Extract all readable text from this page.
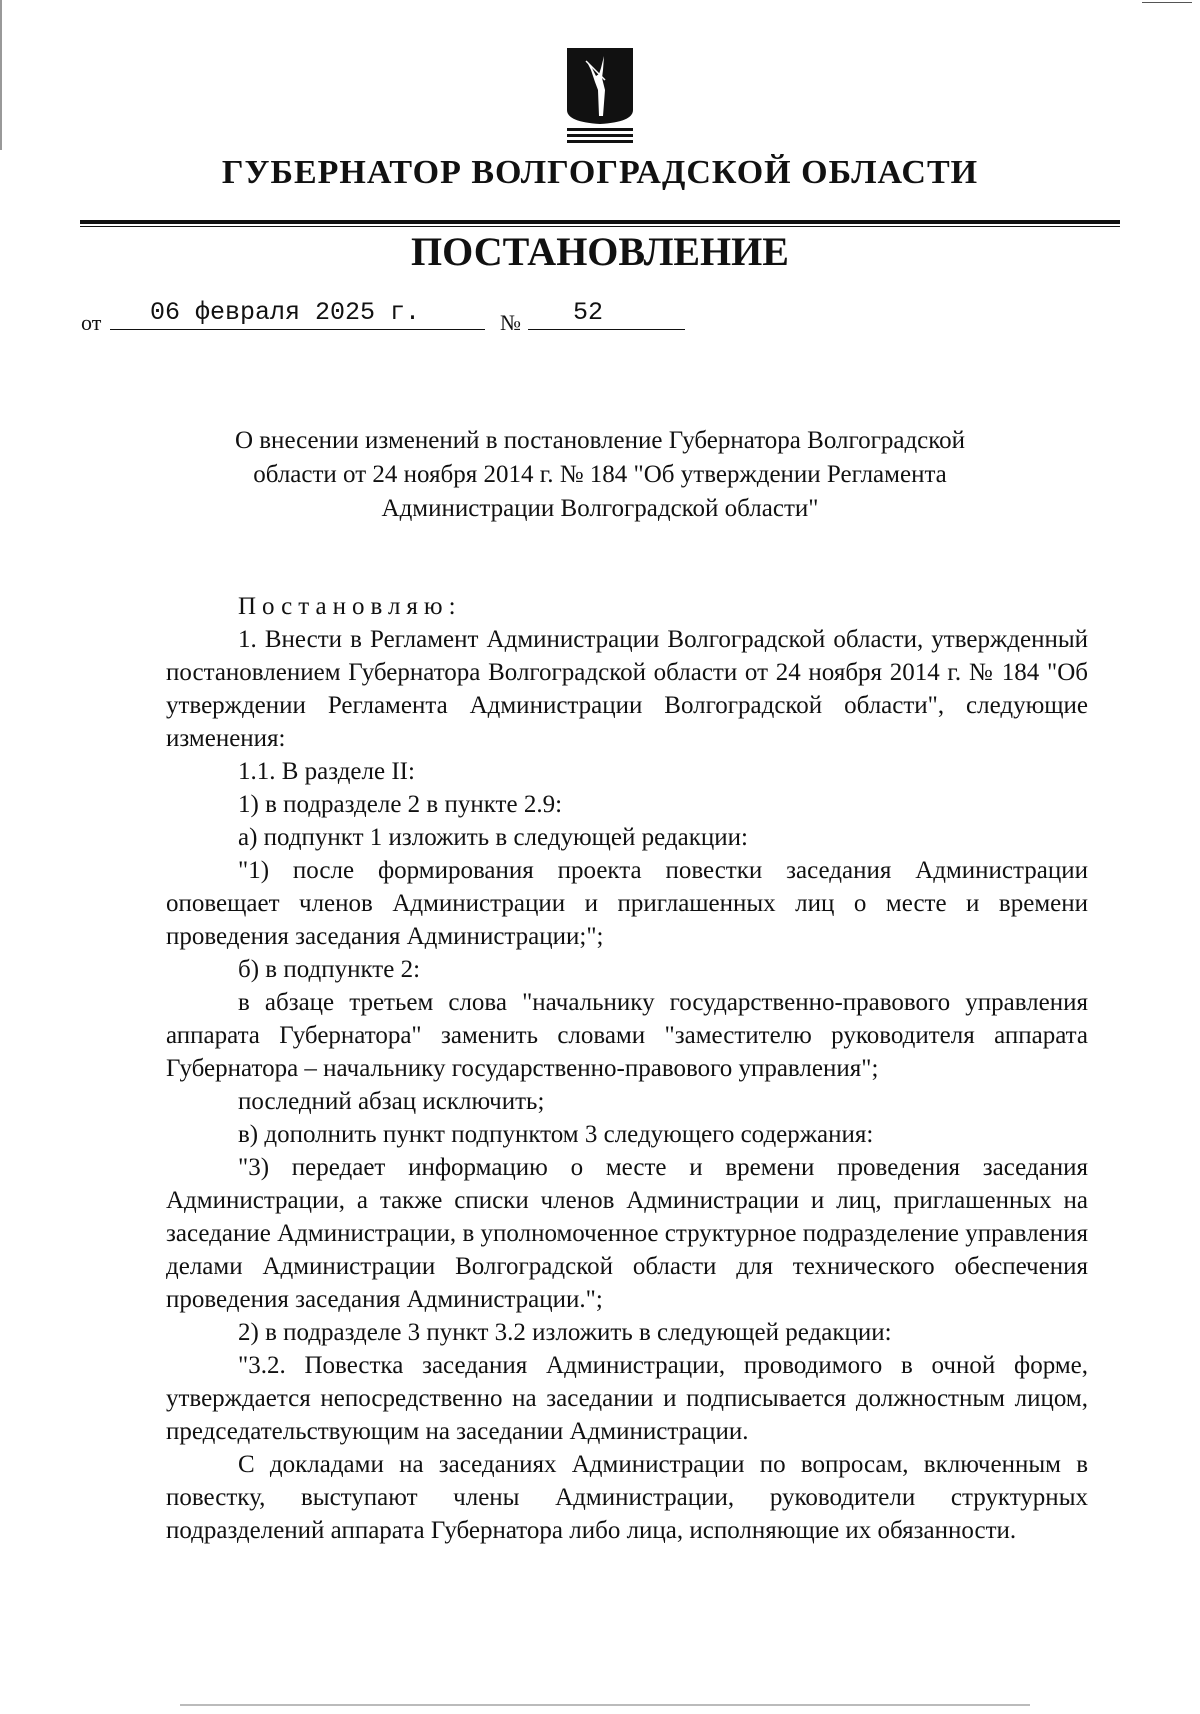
ГУБЕРНАТОР ВОЛГОГРАДСКОЙ ОБЛАСТИ
ПОСТАНОВЛЕНИЕ
от 06 февраля 2025 г.	№ 52
О внесении изменений в постановление Губернатора Волгоградской
области от 24 ноября 2014 г. № 184 "Об утверждении Регламента
Администрации Волгоградской области"

Постановляю:

1. Внести в Регламент Администрации Волгоградской области, утвержденный постановлением Губернатора Волгоградской области от 24 ноября 2014 г. № 184 "Об утверждении Регламента Администрации Волгоградской области", следующие изменения:

1.1. В разделе II:

1) в подразделе 2 в пункте 2.9:

а) подпункт 1 изложить в следующей редакции:

"1) после формирования проекта повестки заседания Администрации оповещает членов Администрации и приглашенных лиц о месте и времени проведения заседания Администрации;";

б) в подпункте 2:

в абзаце третьем слова "начальнику государственно-правового управления аппарата Губернатора" заменить словами "заместителю руководителя аппарата Губернатора – начальнику государственно-правового управления";

последний абзац исключить;

в) дополнить пункт подпунктом 3 следующего содержания:

"3) передает информацию о месте и времени проведения заседания Администрации, а также списки членов Администрации и лиц, приглашенных на заседание Администрации, в уполномоченное структурное подразделение управления делами Администрации Волгоградской области для технического обеспечения проведения заседания Администрации.";

2) в подразделе 3 пункт 3.2 изложить в следующей редакции:

"3.2. Повестка заседания Администрации, проводимого в очной форме, утверждается непосредственно на заседании и подписывается должностным лицом, председательствующим на заседании Администрации.

С докладами на заседаниях Администрации по вопросам, включенным в повестку, выступают члены Администрации, руководители структурных подразделений аппарата Губернатора либо лица, исполняющие их обязанности.
